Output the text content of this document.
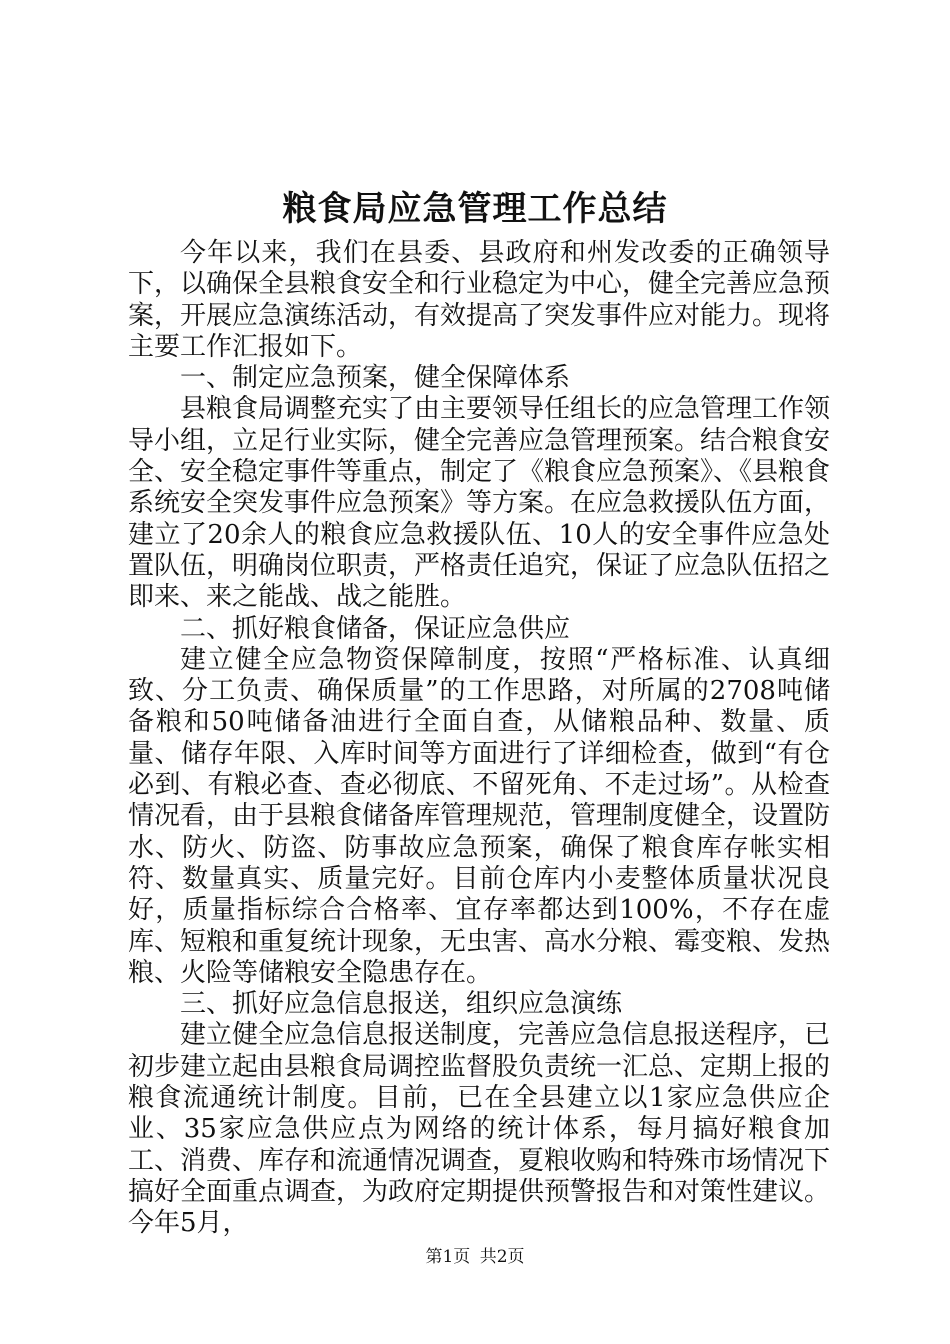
粮食局应急管理工作总结

今年以来，我们在县委、县政府和州发改委的正确领导下，以确保全县粮食安全和行业稳定为中心，健全完善应急预案，开展应急演练活动，有效提高了突发事件应对能力。现将主要工作汇报如下。

一、制定应急预案，健全保障体系

县粮食局调整充实了由主要领导任组长的应急管理工作领导小组，立足行业实际，健全完善应急管理预案。结合粮食安全、安全稳定事件等重点，制定了《粮食应急预案》、《县粮食系统安全突发事件应急预案》等方案。在应急救援队伍方面，建立了20余人的粮食应急救援队伍、10人的安全事件应急处置队伍，明确岗位职责，严格责任追究，保证了应急队伍招之即来、来之能战、战之能胜。

二、抓好粮食储备，保证应急供应

建立健全应急物资保障制度，按照“严格标准、认真细致、分工负责、确保质量”的工作思路，对所属的2708吨储备粮和50吨储备油进行全面自查，从储粮品种、数量、质量、储存年限、入库时间等方面进行了详细检查，做到“有仓必到、有粮必查、查必彻底、不留死角、不走过场”。从检查情况看，由于县粮食储备库管理规范，管理制度健全，设置防水、防火、防盗、防事故应急预案，确保了粮食库存帐实相符、数量真实、质量完好。目前仓库内小麦整体质量状况良好，质量指标综合合格率、宜存率都达到100%，不存在虚库、短粮和重复统计现象，无虫害、高水分粮、霉变粮、发热粮、火险等储粮安全隐患存在。

三、抓好应急信息报送，组织应急演练

建立健全应急信息报送制度，完善应急信息报送程序，已初步建立起由县粮食局调控监督股负责统一汇总、定期上报的粮食流通统计制度。目前，已在全县建立以1家应急供应企业、35家应急供应点为网络的统计体系，每月搞好粮食加工、消费、库存和流通情况调查，夏粮收购和特殊市场情况下搞好全面重点调查，为政府定期提供预警报告和对策性建议。今年5月，

第1页 共2页
